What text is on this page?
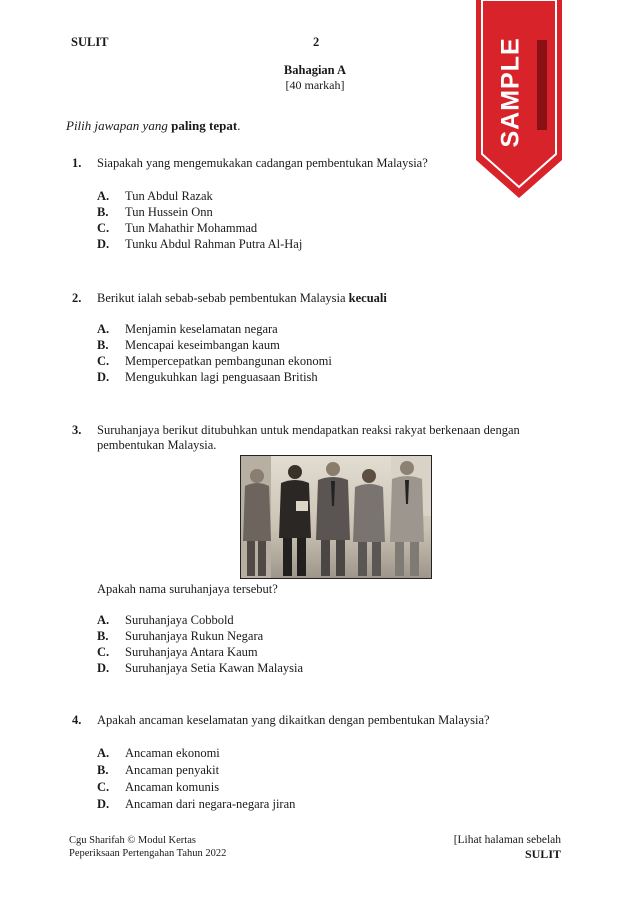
SULIT	2
Bahagian A
[40 markah]	SAMPLE
Pilih jawapan yang paling tepat.
1. Siapakah yang mengemukakan cadangan pembentukan Malaysia?
A. Tun Abdul Razak
B. Tun Hussein Onn
C. Tun Mahathir Mohammad
D. Tunku Abdul Rahman Putra Al-Haj
2. Berikut ialah sebab-sebab pembentukan Malaysia kecuali
A. Menjamin keselamatan negara
B. Mencapai keseimbangan kaum
C. Mempercepatkan pembangunan ekonomi
D. Mengukuhkan lagi penguasaan British
3. Suruhanjaya berikut ditubuhkan untuk mendapatkan reaksi rakyat berkenaan dengan
pembentukan Malaysia.
Apakah nama suruhanjaya tersebut?
A. Suruhanjaya Cobbold
B. Suruhanjaya Rukun Negara
C. Suruhanjaya Antara Kaum
D. Suruhanjaya Setia Kawan Malaysia
4. Apakah ancaman keselamatan yang dikaitkan dengan pembentukan Malaysia?
A. Ancaman ekonomi
B. Ancaman penyakit
C. Ancaman komunis
D. Ancaman dari negara-negara jiran
Cgu Sharifah © Modul Kertas
Peperiksaan Pertengahan Tahun 2022
[Lihat halaman sebelah
SULIT
